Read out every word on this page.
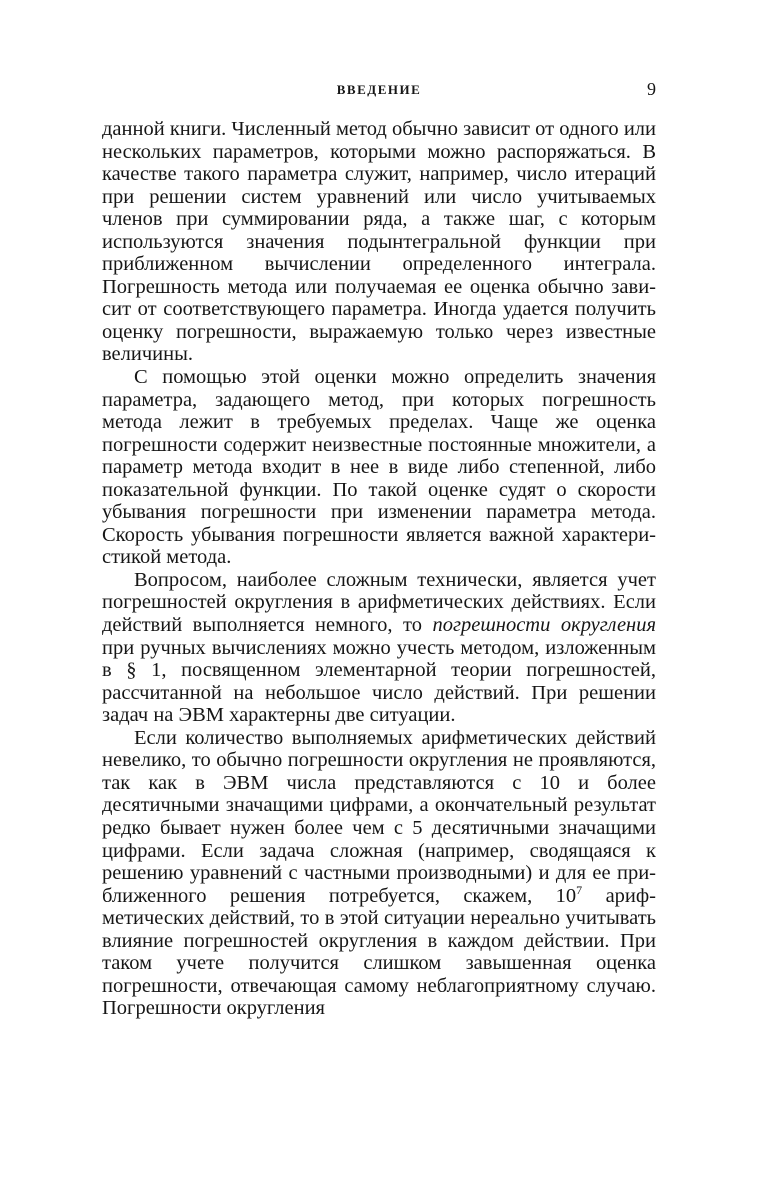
ВВЕДЕНИЕ	9

данной книги. Численный метод обычно зависит от одного или нескольких параметров, которыми можно распоряжаться. В качестве такого параметра служит, например, число итераций при решении систем уравнений или число учитываемых членов при суммировании ряда, а также шаг, с которым используются значения подынтегральной функции при приближенном вычислении определенного интеграла. Погрешность метода или получаемая ее оценка обычно зависит от соответствующего параметра. Иногда удается получить оценку погрешности, выражаемую только через известные величины.

С помощью этой оценки можно определить значения параметра, задающего метод, при которых погрешность метода лежит в требуемых пределах. Чаще же оценка погрешности содержит неизвестные постоянные множители, а параметр метода входит в нее в виде либо степенной, либо показательной функции. По такой оценке судят о скорости убывания погрешности при изменении параметра метода. Скорость убывания погрешности является важной характеристикой метода.

Вопросом, наиболее сложным технически, является учет погрешностей округления в арифметических действиях. Если действий выполняется немного, то погрешности округления при ручных вычислениях можно учесть методом, изложенным в § 1, посвященном элементарной теории погрешностей, рассчитанной на небольшое число действий. При решении задач на ЭВМ характерны две ситуации.

Если количество выполняемых арифметических действий невелико, то обычно погрешности округления не проявляются, так как в ЭВМ числа представляются с 10 и более десятичными значащими цифрами, а окончательный результат редко бывает нужен более чем с 5 десятичными значащими цифрами. Если задача сложная (например, сводящаяся к решению уравнений с частными производными) и для ее приближенного решения потребуется, скажем, $10^7$ арифметических действий, то в этой ситуации нереально учитывать влияние погрешностей округления в каждом действии. При таком учете получится слишком завышенная оценка погрешности, отвечающая самому неблагоприятному случаю. Погрешности округления
